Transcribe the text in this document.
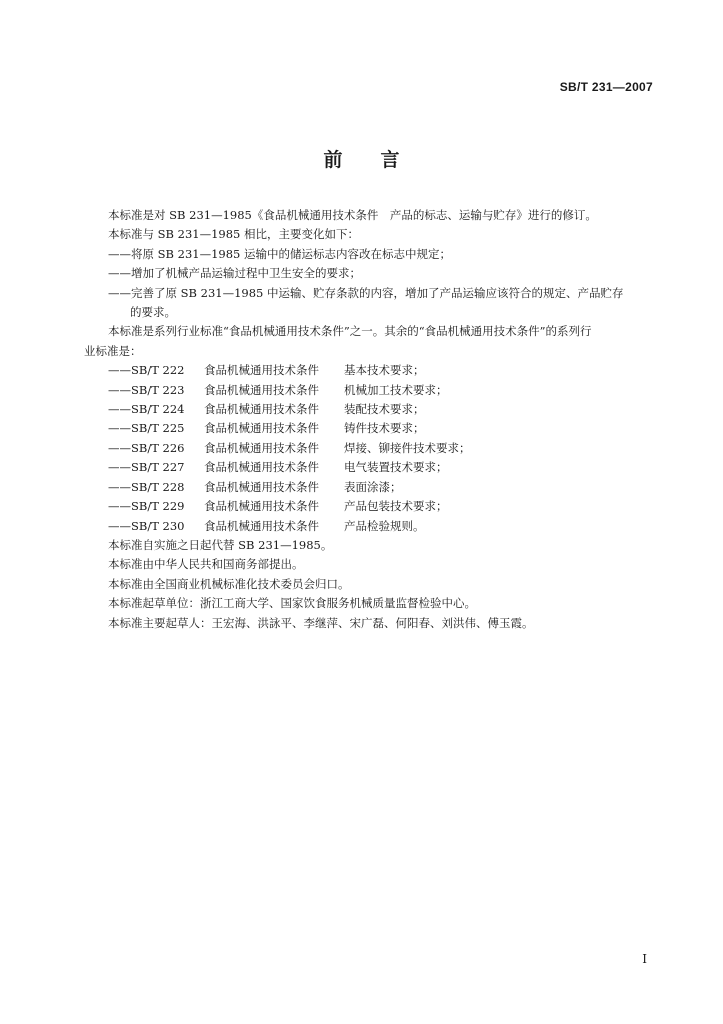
SB/T 231—2007
前言

本标准是对 SB 231—1985《食品机械通用技术条件　产品的标志、运输与贮存》进行的修订。

本标准与 SB 231—1985 相比，主要变化如下：

——将原 SB 231—1985 运输中的储运标志内容改在标志中规定；

——增加了机械产品运输过程中卫生安全的要求；

——完善了原 SB 231—1985 中运输、贮存条款的内容，增加了产品运输应该符合的规定、产品贮存

的要求。

本标准是系列行业标准“食品机械通用技术条件”之一。其余的“食品机械通用技术条件”的系列行

业标准是：

——SB/T 222	食品机械通用技术条件	基本技术要求；
——SB/T 223	食品机械通用技术条件	机械加工技术要求；
——SB/T 224	食品机械通用技术条件	装配技术要求；
——SB/T 225	食品机械通用技术条件	铸件技术要求；
——SB/T 226	食品机械通用技术条件	焊接、铆接件技术要求；
——SB/T 227	食品机械通用技术条件	电气装置技术要求；
——SB/T 228	食品机械通用技术条件	表面涂漆；
——SB/T 229	食品机械通用技术条件	产品包装技术要求；
——SB/T 230	食品机械通用技术条件	产品检验规则。

本标准自实施之日起代替 SB 231—1985。

本标准由中华人民共和国商务部提出。

本标准由全国商业机械标准化技术委员会归口。

本标准起草单位：浙江工商大学、国家饮食服务机械质量监督检验中心。

本标准主要起草人：王宏海、洪詠平、李继萍、宋广磊、何阳春、刘洪伟、傅玉霞。

I
